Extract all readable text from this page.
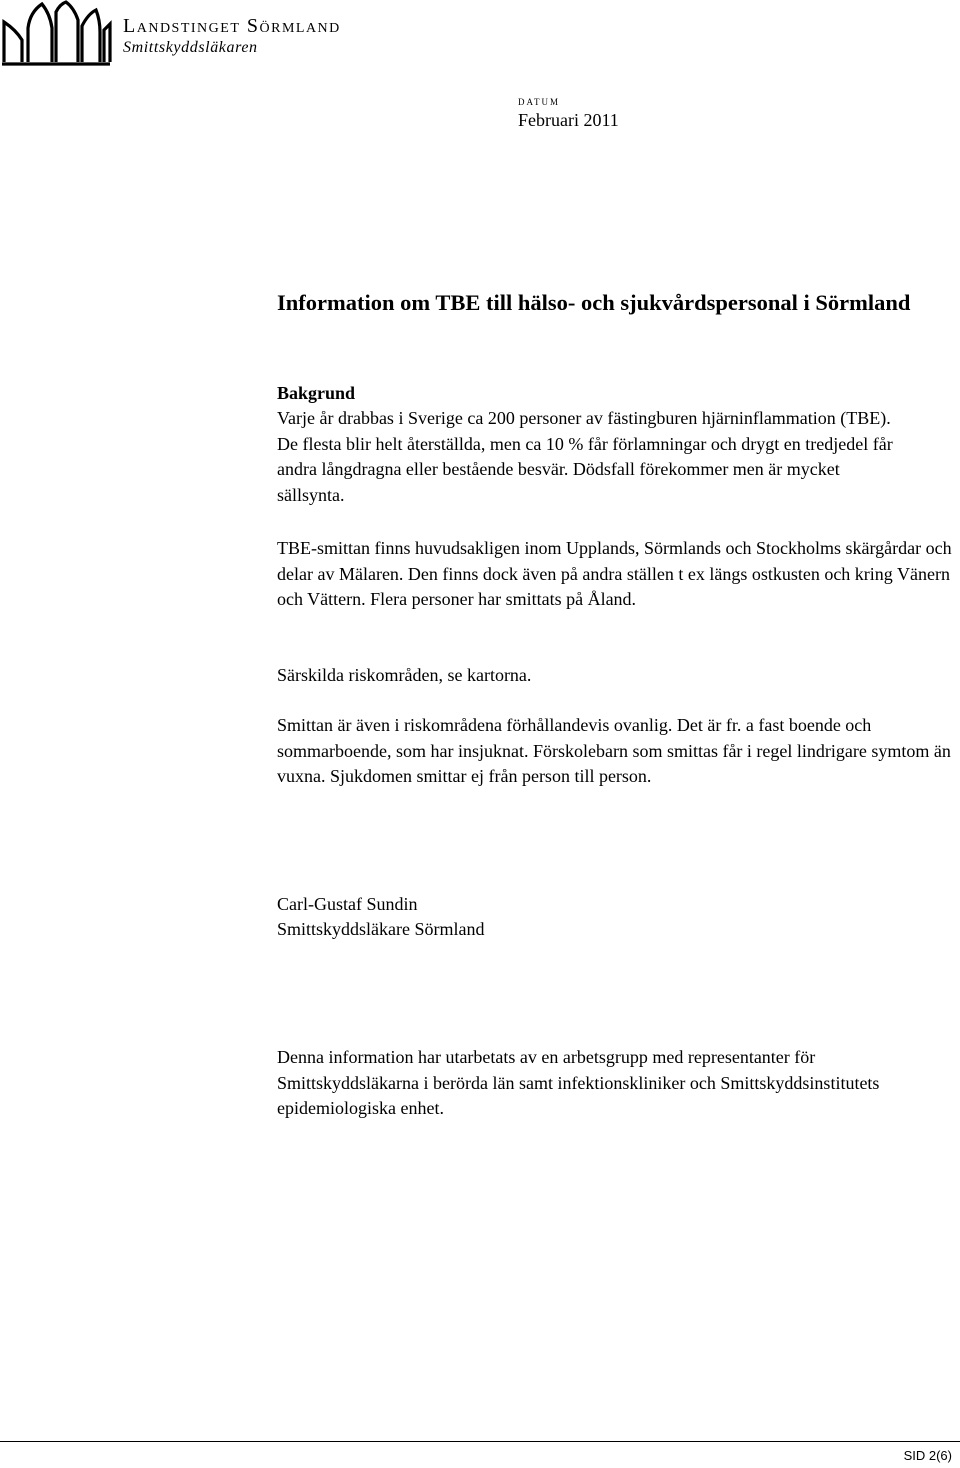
Landstinget Sörmland
Smittskyddsläkaren
DATUM
Februari 2011
Information om TBE till hälso- och sjukvårdspersonal i Sörmland
Bakgrund

Varje år drabbas i Sverige ca 200 personer av fästingburen hjärninflammation (TBE). De flesta blir helt återställda, men ca 10 % får förlamningar och drygt en tredjedel får andra långdragna eller bestående besvär. Dödsfall förekommer men är mycket sällsynta.

TBE-smittan finns huvudsakligen inom Upplands, Sörmlands och Stockholms skärgårdar och delar av Mälaren. Den finns dock även på andra ställen t ex längs ostkusten och kring Vänern och Vättern. Flera personer har smittats på Åland.

Särskilda riskområden, se kartorna.

Smittan är även i riskområdena förhållandevis ovanlig. Det är fr. a fast boende och sommarboende, som har insjuknat. Förskolebarn som smittas får i regel lindrigare symtom än vuxna. Sjukdomen smittar ej från person till person.

Carl-Gustaf Sundin
Smittskyddsläkare Sörmland

Denna information har utarbetats av en arbetsgrupp med representanter för Smittskyddsläkarna i berörda län samt infektionskliniker och Smittskyddsinstitutets epidemiologiska enhet.

SID 2(6)
